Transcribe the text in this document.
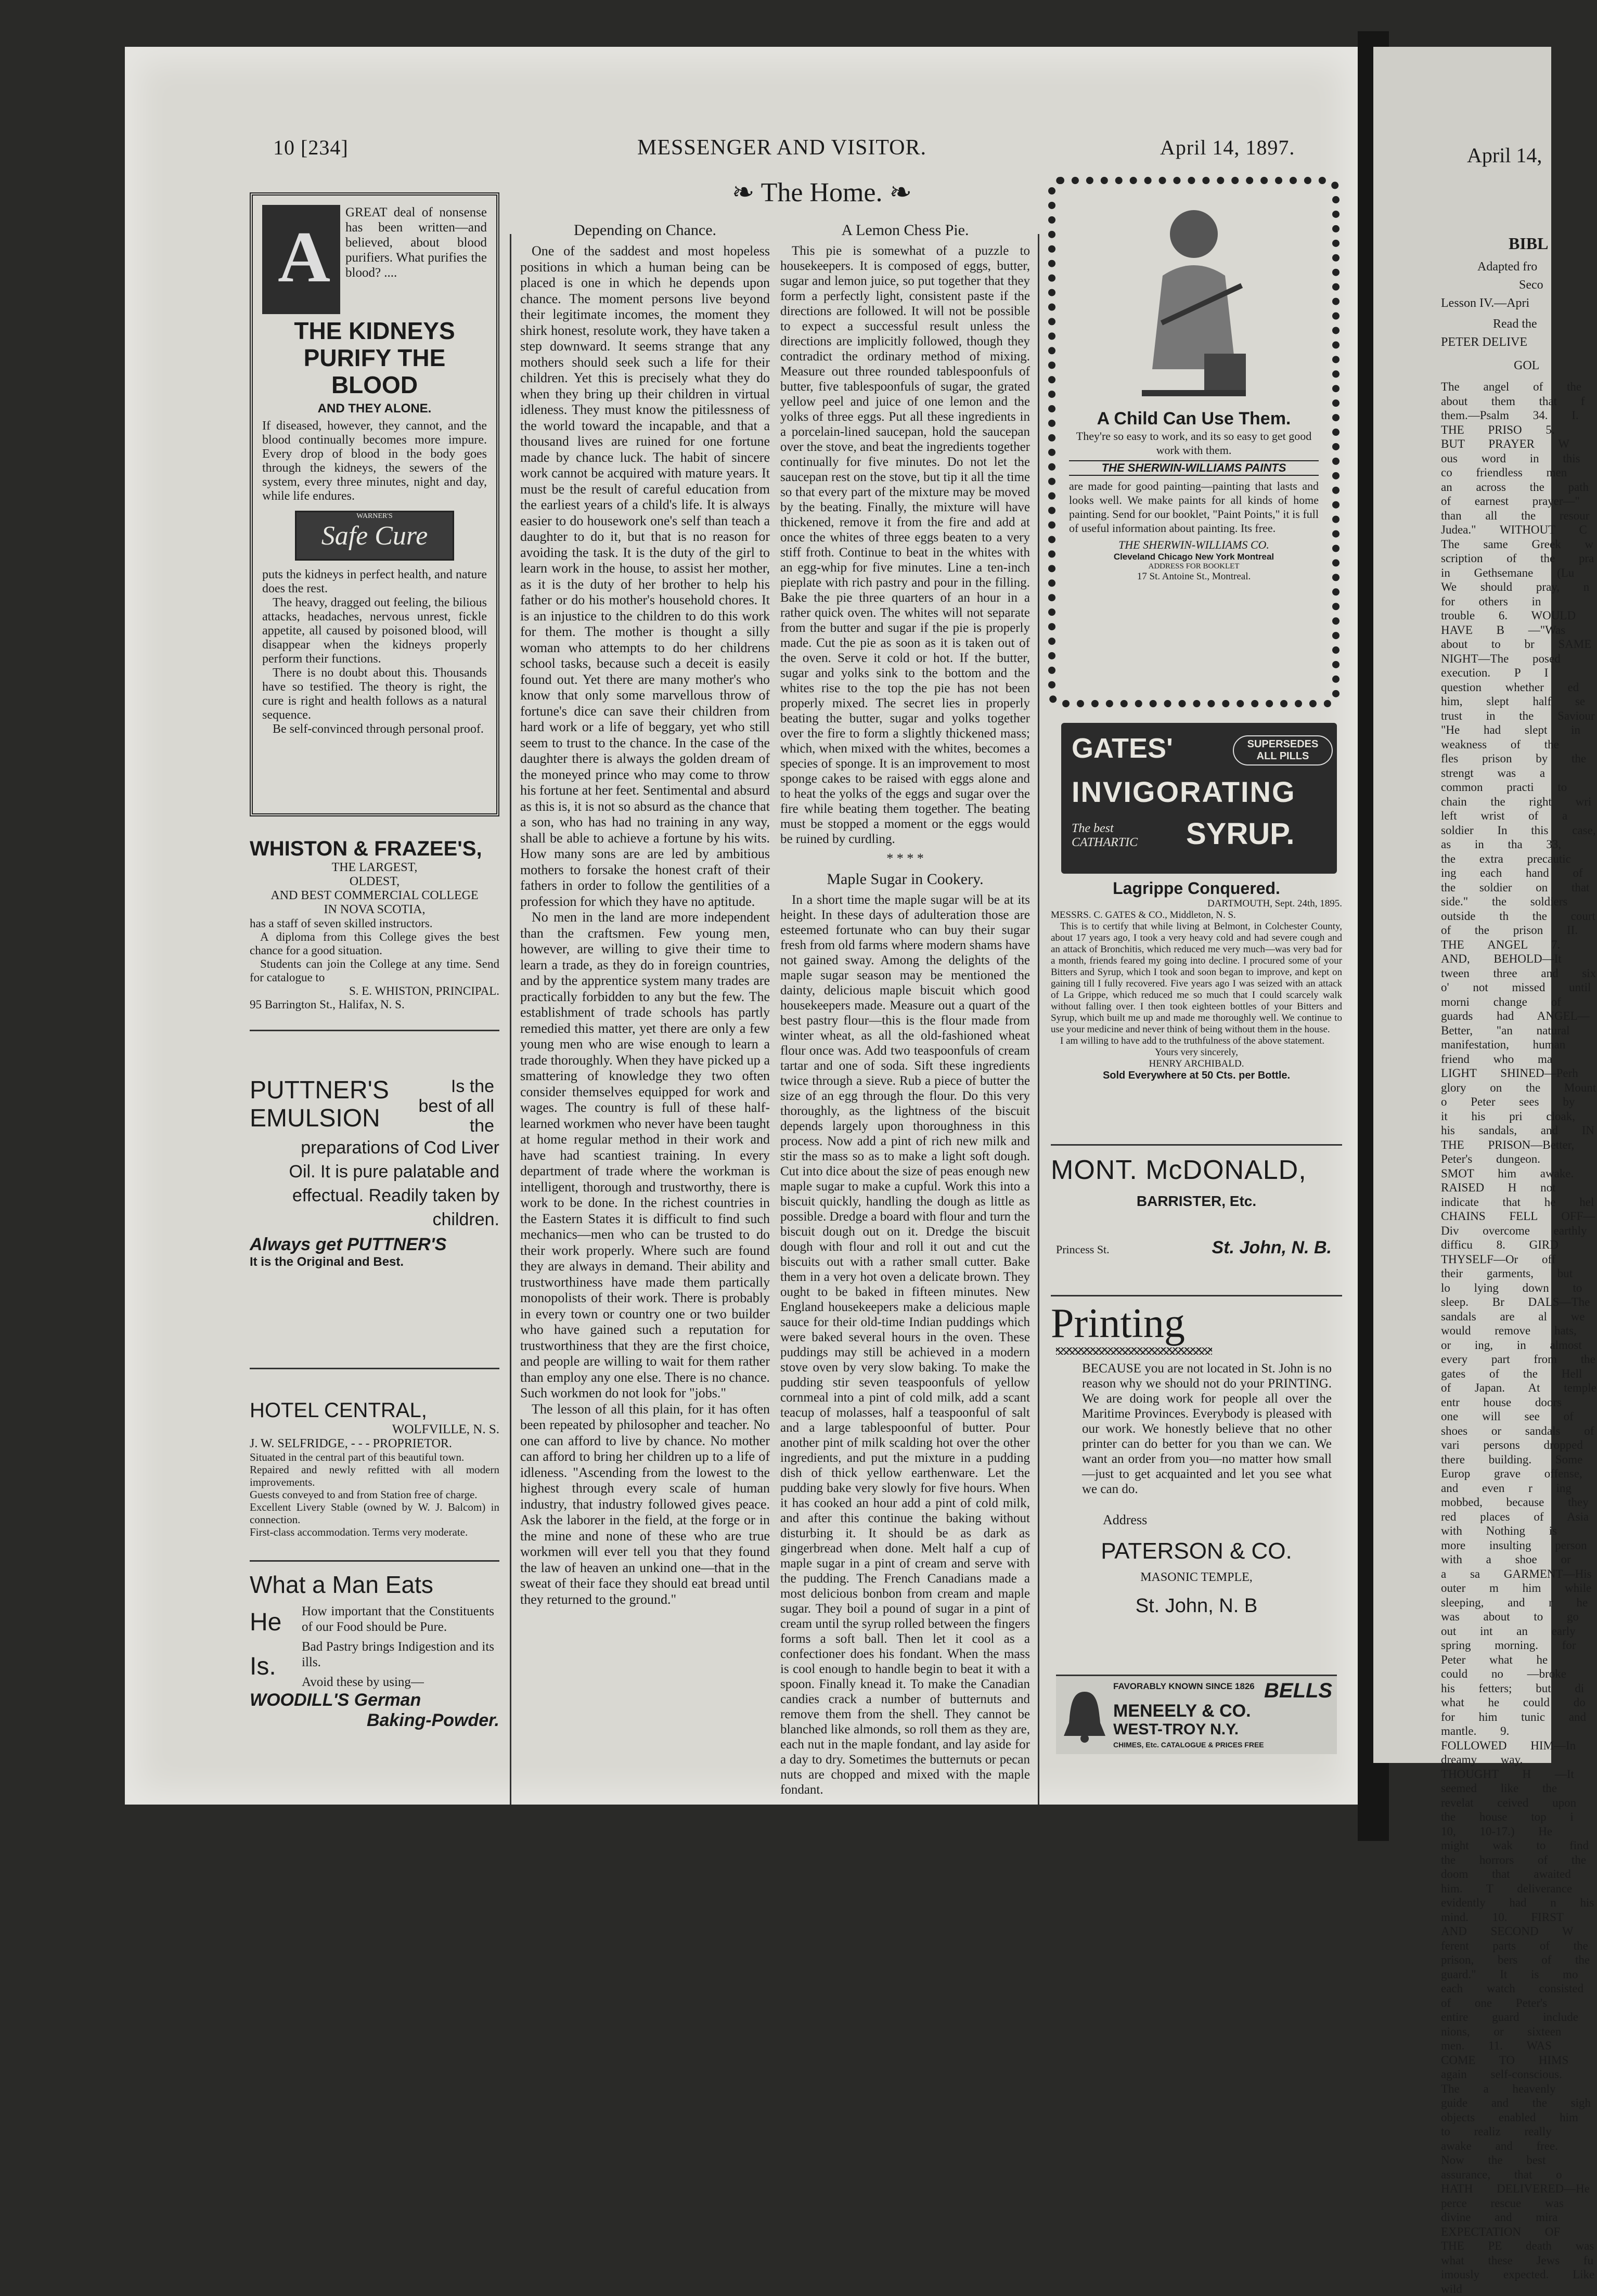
10 [234]	MESSENGER AND VISITOR.	April 14, 1897.
❧ The Home. ❧
A

GREAT deal of nonsense has been written—and believed, about blood purifiers. What purifies the blood? ....

THE KIDNEYS PURIFY THE BLOOD
AND THEY ALONE.

If diseased, however, they cannot, and the blood continually becomes more impure. Every drop of blood in the body goes through the kidneys, the sewers of the system, every three minutes, night and day, while life endures.

WARNER'S
Safe Cure

puts the kidneys in perfect health, and nature does the rest.

The heavy, dragged out feeling, the bilious attacks, headaches, nervous unrest, fickle appetite, all caused by poisoned blood, will disappear when the kidneys properly perform their functions.

There is no doubt about this. Thousands have so testified. The theory is right, the cure is right and health follows as a natural sequence.

Be self-convinced through personal proof.

WHISTON & FRAZEE'S,
THE LARGEST,
OLDEST,
AND BEST COMMERCIAL COLLEGE
IN NOVA SCOTIA,

has a staff of seven skilled instructors.

A diploma from this College gives the best chance for a good situation.

Students can join the College at any time. Send for catalogue to

S. E. WHISTON, PRINCIPAL.
95 Barrington St., Halifax, N. S.
PUTTNER'S
EMULSION
Is the best of all the
preparations of Cod Liver Oil. It is pure palatable and effectual. Readily taken by children.
Always get PUTTNER'S
It is the Original and Best.
HOTEL CENTRAL,
WOLFVILLE, N. S.
J. W. SELFRIDGE, - - - PROPRIETOR.

Situated in the central part of this beautiful town.

Repaired and newly refitted with all modern improvements.

Guests conveyed to and from Station free of charge.

Excellent Livery Stable (owned by W. J. Balcom) in connection.

First-class accommodation. Terms very moderate.

What a Man Eats
He
Is.

How important that the Constituents of our Food should be Pure.

Bad Pastry brings Indigestion and its ills.

Avoid these by using—

WOODILL'S German
Baking-Powder.
Depending on Chance.

One of the saddest and most hopeless positions in which a human being can be placed is one in which he depends upon chance. The moment persons live beyond their legitimate incomes, the moment they shirk honest, resolute work, they have taken a step downward. It seems strange that any mothers should seek such a life for their children. Yet this is precisely what they do when they bring up their children in virtual idleness. They must know the pitilessness of the world toward the incapable, and that a thousand lives are ruined for one fortune made by chance luck. The habit of sincere work cannot be acquired with mature years. It must be the result of careful education from the earliest years of a child's life. It is always easier to do housework one's self than teach a daughter to do it, but that is no reason for avoiding the task. It is the duty of the girl to learn work in the house, to assist her mother, as it is the duty of her brother to help his father or do his mother's household chores. It is an injustice to the children to do this work for them. The mother is thought a silly woman who attempts to do her childrens school tasks, because such a deceit is easily found out. Yet there are many mother's who know that only some marvellous throw of fortune's dice can save their children from hard work or a life of beggary, yet who still seem to trust to the chance. In the case of the daughter there is always the golden dream of the moneyed prince who may come to throw his fortune at her feet. Sentimental and absurd as this is, it is not so absurd as the chance that a son, who has had no training in any way, shall be able to achieve a fortune by his wits. How many sons are are led by ambitious mothers to forsake the honest craft of their fathers in order to follow the gentilities of a profession for which they have no aptitude.

No men in the land are more independent than the craftsmen. Few young men, however, are willing to give their time to learn a trade, as they do in foreign countries, and by the apprentice system many trades are practically forbidden to any but the few. The establishment of trade schools has partly remedied this matter, yet there are only a few young men who are wise enough to learn a trade thoroughly. When they have picked up a smattering of knowledge they two often consider themselves equipped for work and wages. The country is full of these half-learned workmen who never have been taught at home regular method in their work and have had scantiest training. In every department of trade where the workman is intelligent, thorough and trustworthy, there is work to be done. In the richest countries in the Eastern States it is difficult to find such mechanics—men who can be trusted to do their work properly. Where such are found they are always in demand. Their ability and trustworthiness have made them partically monopolists of their work. There is probably in every town or country one or two builder who have gained such a reputation for trustworthiness that they are the first choice, and people are willing to wait for them rather than employ any one else. There is no chance. Such workmen do not look for "jobs."

The lesson of all this plain, for it has often been repeated by philosopher and teacher. No one can afford to live by chance. No mother can afford to bring her children up to a life of idleness. "Ascending from the lowest to the highest through every scale of human industry, that industry followed gives peace. Ask the laborer in the field, at the forge or in the mine and none of these who are true workmen will ever tell you that they found the law of heaven an unkind one—that in the sweat of their face they should eat bread until they returned to the ground."

A Lemon Chess Pie.

This pie is somewhat of a puzzle to housekeepers. It is composed of eggs, butter, sugar and lemon juice, so put together that they form a perfectly light, consistent paste if the directions are followed. It will not be possible to expect a successful result unless the directions are implicitly followed, though they contradict the ordinary method of mixing. Measure out three rounded tablespoonfuls of butter, five tablespoonfuls of sugar, the grated yellow peel and juice of one lemon and the yolks of three eggs. Put all these ingredients in a porcelain-lined saucepan, hold the saucepan over the stove, and beat the ingredients together continually for five minutes. Do not let the saucepan rest on the stove, but tip it all the time so that every part of the mixture may be moved by the beating. Finally, the mixture will have thickened, remove it from the fire and add at once the whites of three eggs beaten to a very stiff froth. Continue to beat in the whites with an egg-whip for five minutes. Line a ten-inch pieplate with rich pastry and pour in the filling. Bake the pie three quarters of an hour in a rather quick oven. The whites will not separate from the butter and sugar if the pie is properly made. Cut the pie as soon as it is taken out of the oven. Serve it cold or hot. If the butter, sugar and yolks sink to the bottom and the whites rise to the top the pie has not been properly mixed. The secret lies in properly beating the butter, sugar and yolks together over the fire to form a slightly thickened mass; which, when mixed with the whites, becomes a species of sponge. It is an improvement to most sponge cakes to be raised with eggs alone and to heat the yolks of the eggs and sugar over the fire while beating them together. The beating must be stopped a moment or the eggs would be ruined by curdling.

* * * *
Maple Sugar in Cookery.

In a short time the maple sugar will be at its height. In these days of adulteration those are esteemed fortunate who can buy their sugar fresh from old farms where modern shams have not gained sway. Among the delights of the maple sugar season may be mentioned the dainty, delicious maple biscuit which good housekeepers made. Measure out a quart of the best pastry flour—this is the flour made from winter wheat, as all the old-fashioned wheat flour once was. Add two teaspoonfuls of cream tartar and one of soda. Sift these ingredients twice through a sieve. Rub a piece of butter the size of an egg through the flour. Do this very thoroughly, as the lightness of the biscuit depends largely upon thoroughness in this process. Now add a pint of rich new milk and stir the mass so as to make a light soft dough. Cut into dice about the size of peas enough new maple sugar to make a cupful. Work this into a biscuit quickly, handling the dough as little as possible. Dredge a board with flour and turn the biscuit dough out on it. Dredge the biscuit dough with flour and roll it out and cut the biscuits out with a rather small cutter. Bake them in a very hot oven a delicate brown. They ought to be baked in fifteen minutes. New England housekeepers make a delicious maple sauce for their old-time Indian puddings which were baked several hours in the oven. These puddings may still be achieved in a modern stove oven by very slow baking. To make the pudding stir seven teaspoonfuls of yellow cornmeal into a pint of cold milk, add a scant teacup of molasses, half a teaspoonful of salt and a large tablespoonful of butter. Pour another pint of milk scalding hot over the other ingredients, and put the mixture in a pudding dish of thick yellow earthenware. Let the pudding bake very slowly for five hours. When it has cooked an hour add a pint of cold milk, and after this continue the baking without disturbing it. It should be as dark as gingerbread when done. Melt half a cup of maple sugar in a pint of cream and serve with the pudding. The French Canadians made a most delicious bonbon from cream and maple sugar. They boil a pound of sugar in a pint of cream until the syrup rolled between the fingers forms a soft ball. Then let it cool as a confectioner does his fondant. When the mass is cool enough to handle begin to beat it with a spoon. Finally knead it. To make the Canadian candies crack a number of butternuts and remove them from the shell. They cannot be blanched like almonds, so roll them as they are, each nut in the maple fondant, and lay aside for a day to dry. Sometimes the butternuts or pecan nuts are chopped and mixed with the maple fondant.

A Child Can Use Them.

They're so easy to work, and its so easy to get good work with them.

THE SHERWIN-WILLIAMS PAINTS

are made for good painting—painting that lasts and looks well. We make paints for all kinds of home painting. Send for our booklet, "Paint Points," it is full of useful information about painting. Its free.

THE SHERWIN-WILLIAMS CO.
Cleveland Chicago New York Montreal
ADDRESS FOR BOOKLET
17 St. Antoine St., Montreal.
GATES'	SUPERSEDES ALL PILLS
INVIGORATING
The best CATHARTIC	SYRUP.
Lagrippe Conquered.
DARTMOUTH, Sept. 24th, 1895.
MESSRS. C. GATES & CO., Middleton, N. S.

This is to certify that while living at Belmont, in Colchester County, about 17 years ago, I took a very heavy cold and had severe cough and an attack of Bronchitis, which reduced me very much—was very bad for a month, friends feared my going into decline. I procured some of your Bitters and Syrup, which I took and soon began to improve, and kept on gaining till I fully recovered. Five years ago I was seized with an attack of La Grippe, which reduced me so much that I could scarcely walk without falling over. I then took eighteen bottles of your Bitters and Syrup, which built me up and made me thoroughly well. We continue to use your medicine and never think of being without them in the house.

I am willing to have add to the truthfulness of the above statement.

Yours very sincerely,
HENRY ARCHIBALD.
Sold Everywhere at 50 Cts. per Bottle.
MONT. McDONALD,
BARRISTER, Etc.
Princess St.	St. John, N. B.
Printing

BECAUSE you are not located in St. John is no reason why we should not do your PRINTING. We are doing work for people all over the Maritime Provinces. Everybody is pleased with our work. We honestly believe that no other printer can do better for you than we can. We want an order from you—no matter how small—just to get acquainted and let you see what we can do.

Address
PATERSON & CO.
MASONIC TEMPLE,
St. John, N. B
FAVORABLY KNOWN SINCE 1826 BELLS
MENEELY & CO.
WEST-TROY N.Y.
CHIMES, Etc. CATALOGUE & PRICES FREE
April 14,
BIBL
Adapted fro
Seco
Lesson IV.—Apri
Read the
PETER DELIVE
GOL

The angel of the about them that f them.—Psalm 34. I. THE PRISO 5. BUT PRAYER W ous word in this co friendless men an across the path of earnest prayer—" than all the resour Judea." WITHOUT C The same Greek w scription of the pra in Gethsemane (Lu We should pray, n for others in trouble 6. WOULD HAVE B —"Was about to br SAME NIGHT—The posed execution. P I question whether ed him, slept half se trust in the Saviour "He had slept in weakness of the fles prison by the strengt was a common practi to chain the right wri left wrist of a soldier In this case, as in tha 33, the extra precautic ing each hand of the soldier on that side." the soldiers outside th the court of the prison II. THE ANGEL 7. AND, BEHOLD—It tween three and six o' not missed until morni change of guards had ANGEL—Better, "an natural manifestation, human friend who ma LIGHT SHINED—Perh glory on the Mount o Peter sees by it his pri cloak, his sandals, and IN THE PRISON—Better, Peter's dungeon. SMOT him awake. RAISED H not indicate that he hel CHAINS FELL OFF—Div overcome earthly difficu 8. GIRD THYSELF—Or off their garments, but lo lying down to sleep. Br DALS—The sandals are al we would remove hats, or ing, in almost every part from the gates of the Hell of Japan. At temple entr house doors one will see of shoes or sandals of vari persons dropped there building. Some Europ grave offense, and even r ing mobbed, because they red places of Asia with Nothing is more insulting person with a shoe or a sa GARMENT—His outer m him while sleeping, and r he was about to go out int an early spring morning. for Peter what he could no —broke his fetters; but di what he could do for him tunic and mantle. 9. FOLLOWED HIM—In dreamy way. THOUGHT H —It seemed like the revelat ceived upon the house top i 10, 10-17.) He might wak to find the horrors of the doom that awaited him. T deliverance evidently had n his mind. 10. FIRST AND SECOND W ferent parts of the prison, bers of the guard." It is mo each watch consisted of one Peter's entire guard include nions, or sixteen men. 11. WAS COME TO HIMS again self-conscious. The a heavenly guide and the sigh objects enabled him to realiz really awake and free. Now the best assurance, that o HATH DELIVERED—He perce rescue was divine and mira EXPECTATION OF THE PE death was what these Jews fu imously expected. Like wild
